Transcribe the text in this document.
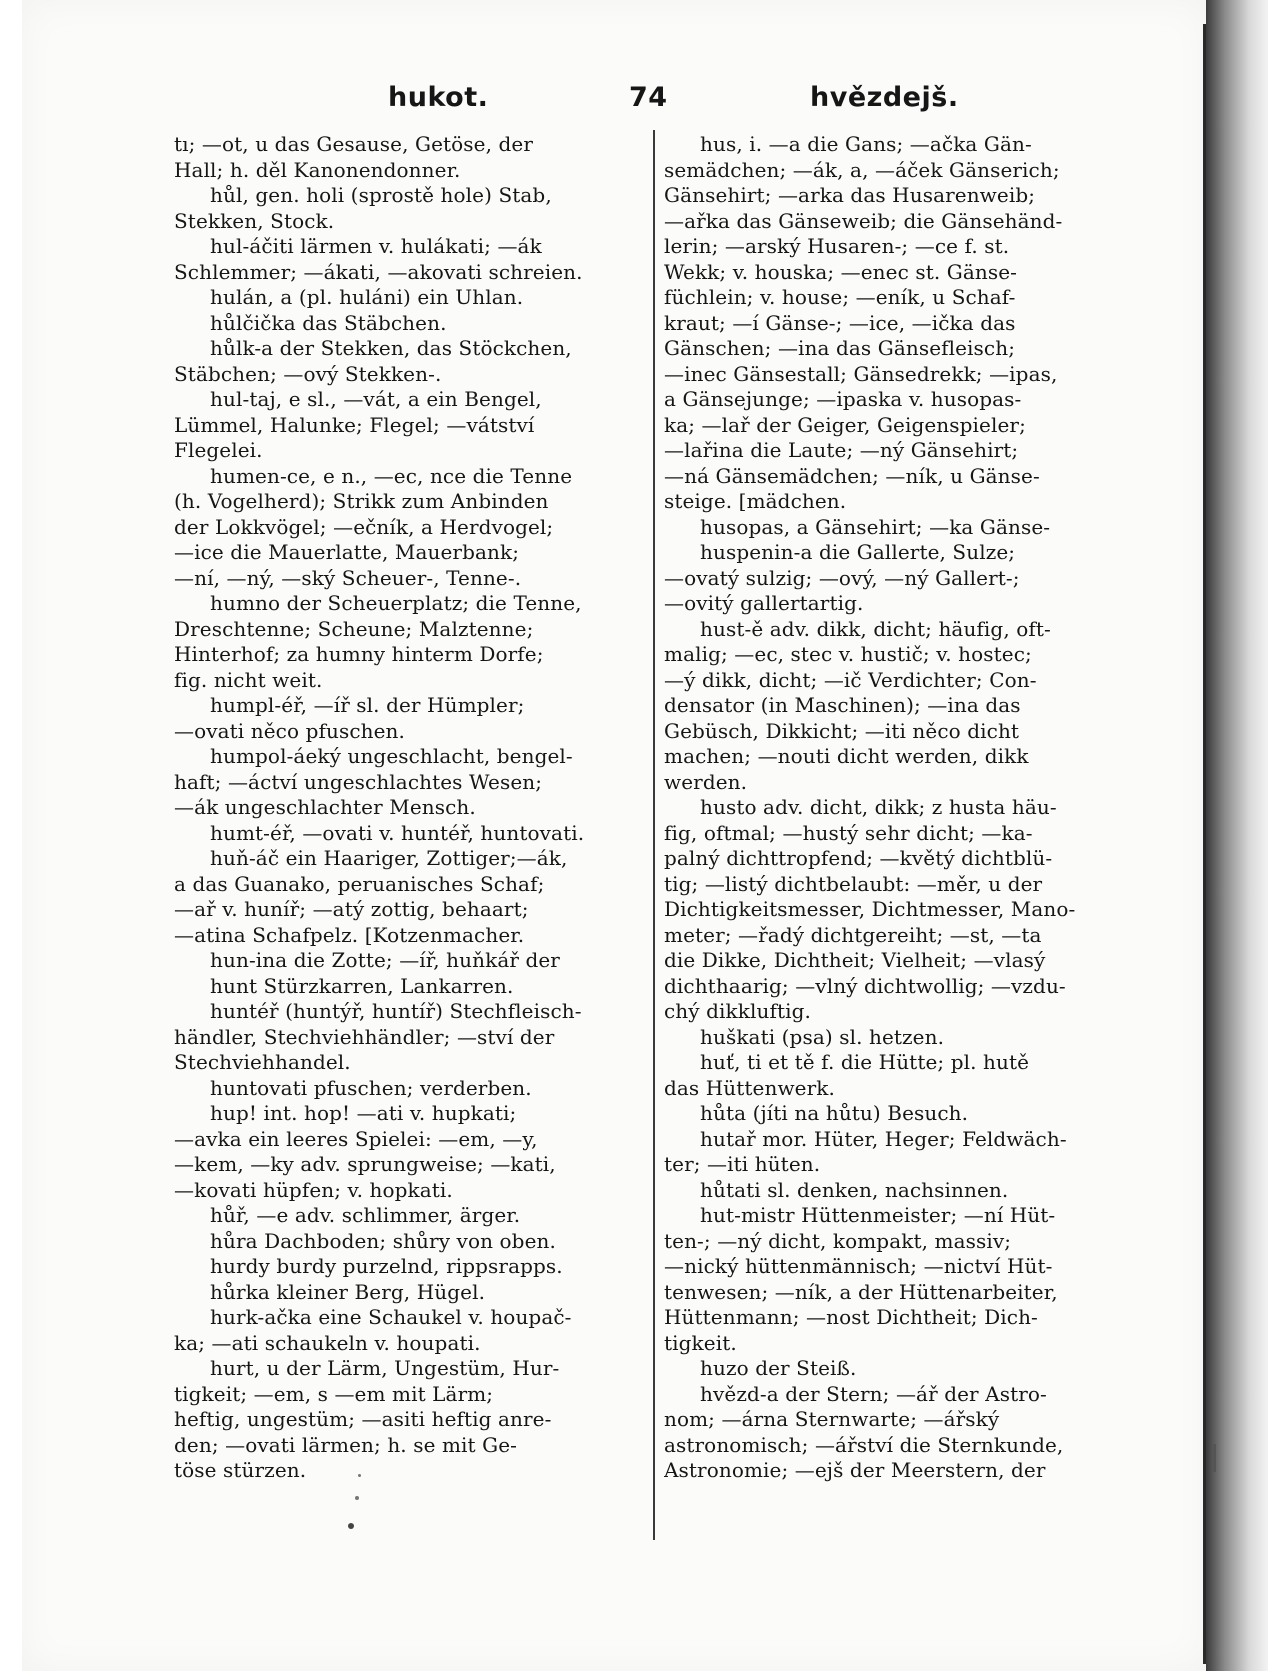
hukot.	74	hvězdejš.
tı; —ot, u das Gesause, Getöse, der
Hall; h. děl Kanonendonner.
hůl, gen. holi (sprostě hole) Stab,
Stekken, Stock.
hul-áčiti lärmen v. hulákati; —ák
Schlemmer; —ákati, —akovati schreien.
hulán, a (pl. huláni) ein Uhlan.
hůlčička das Stäbchen.
hůlk-a der Stekken, das Stöckchen,
Stäbchen; —ový Stekken-.
hul-taj, e sl., —vát, a ein Bengel,
Lümmel, Halunke; Flegel; —vátství
Flegelei.
humen-ce, e n., —ec, nce die Tenne
(h. Vogelherd); Strikk zum Anbinden
der Lokkvögel; —ečník, a Herdvogel;
—ice die Mauerlatte, Mauerbank;
—ní, —ný, —ský Scheuer-, Tenne-.
humno der Scheuerplatz; die Tenne,
Dreschtenne; Scheune; Malztenne;
Hinterhof; za humny hinterm Dorfe;
fig. nicht weit.
humpl-éř, —íř sl. der Hümpler;
—ovati něco pfuschen.
humpol-áeký ungeschlacht, bengel-
haft; —áctví ungeschlachtes Wesen;
—ák ungeschlachter Mensch.
humt-éř, —ovati v. huntéř, huntovati.
huň-áč ein Haariger, Zottiger;—ák,
a das Guanako, peruanisches Schaf;
—ař v. huníř; —atý zottig, behaart;
—atina Schafpelz. [Kotzenmacher.
hun-ina die Zotte; —íř, huňkář der
hunt Stürzkarren, Lankarren.
huntéř (huntýř, huntíř) Stechfleisch-
händler, Stechviehhändler; —ství der
Stechviehhandel.
huntovati pfuschen; verderben.
hup! int. hop! —ati v. hupkati;
—avka ein leeres Spielei: —em, —y,
—kem, —ky adv. sprungweise; —kati,
—kovati hüpfen; v. hopkati.
hůř, —e adv. schlimmer, ärger.
hůra Dachboden; shůry von oben.
hurdy burdy purzelnd, rippsrapps.
hůrka kleiner Berg, Hügel.
hurk-ačka eine Schaukel v. houpač-
ka; —ati schaukeln v. houpati.
hurt, u der Lärm, Ungestüm, Hur-
tigkeit; —em, s —em mit Lärm;
heftig, ungestüm; —asiti heftig anre-
den; —ovati lärmen; h. se mit Ge-
töse stürzen.
hus, i. —a die Gans; —ačka Gän-
semädchen; —ák, a, —áček Gänserich;
Gänsehirt; —arka das Husarenweib;
—ařka das Gänseweib; die Gänsehänd-
lerin; —arský Husaren-; —ce f. st.
Wekk; v. houska; —enec st. Gänse-
füchlein; v. house; —eník, u Schaf-
kraut; —í Gänse-; —ice, —ička das
Gänschen; —ina das Gänsefleisch;
—inec Gänsestall; Gänsedrekk; —ipas,
a Gänsejunge; —ipaska v. husopas-
ka; —lař der Geiger, Geigenspieler;
—lařina die Laute; —ný Gänsehirt;
—ná Gänsemädchen; —ník, u Gänse-
steige. [mädchen.
husopas, a Gänsehirt; —ka Gänse-
huspenin-a die Gallerte, Sulze;
—ovatý sulzig; —ový, —ný Gallert-;
—ovitý gallertartig.
hust-ě adv. dikk, dicht; häufig, oft-
malig; —ec, stec v. hustič; v. hostec;
—ý dikk, dicht; —ič Verdichter; Con-
densator (in Maschinen); —ina das
Gebüsch, Dikkicht; —iti něco dicht
machen; —nouti dicht werden, dikk
werden.
husto adv. dicht, dikk; z husta häu-
fig, oftmal; —hustý sehr dicht; —ka-
palný dichttropfend; —květý dichtblü-
tig; —listý dichtbelaubt: —měr, u der
Dichtigkeitsmesser, Dichtmesser, Mano-
meter; —řadý dichtgereiht; —st, —ta
die Dikke, Dichtheit; Vielheit; —vlasý
dichthaarig; —vlný dichtwollig; —vzdu-
chý dikkluftig.
huškati (psa) sl. hetzen.
huť, ti et tě f. die Hütte; pl. hutě
das Hüttenwerk.
hůta (jíti na hůtu) Besuch.
hutař mor. Hüter, Heger; Feldwäch-
ter; —iti hüten.
hůtati sl. denken, nachsinnen.
hut-mistr Hüttenmeister; —ní Hüt-
ten-; —ný dicht, kompakt, massiv;
—nický hüttenmännisch; —nictví Hüt-
tenwesen; —ník, a der Hüttenarbeiter,
Hüttenmann; —nost Dichtheit; Dich-
tigkeit.
huzo der Steiß.
hvězd-a der Stern; —ář der Astro-
nom; —árna Sternwarte; —ářský
astronomisch; —ářství die Sternkunde,
Astronomie; —ejš der Meerstern, der
